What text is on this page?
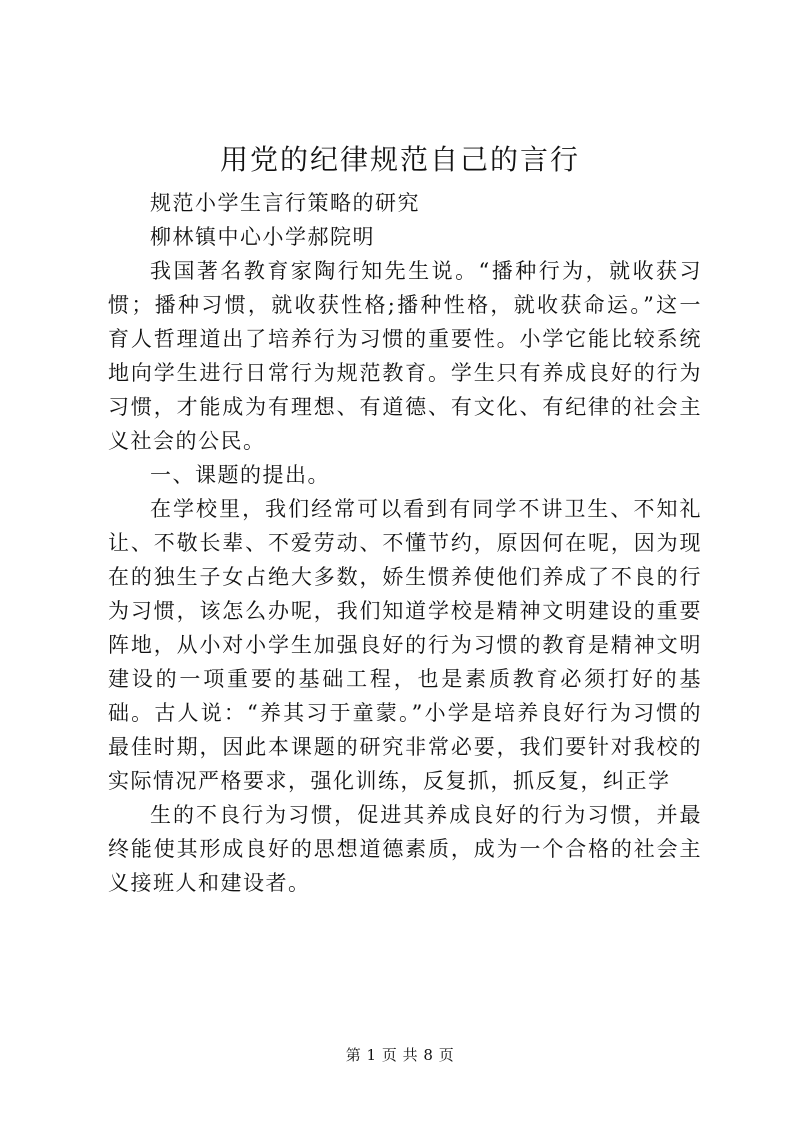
用党的纪律规范自己的言行

规范小学生言行策略的研究

柳林镇中心小学郝院明

我国著名教育家陶行知先生说。“播种行为，就收获习惯；播种习惯，就收获性格;播种性格，就收获命运。”这一育人哲理道出了培养行为习惯的重要性。小学它能比较系统地向学生进行日常行为规范教育。学生只有养成良好的行为习惯，才能成为有理想、有道德、有文化、有纪律的社会主义社会的公民。

一、课题的提出。

在学校里，我们经常可以看到有同学不讲卫生、不知礼让、不敬长辈、不爱劳动、不懂节约，原因何在呢，因为现在的独生子女占绝大多数，娇生惯养使他们养成了不良的行为习惯，该怎么办呢，我们知道学校是精神文明建设的重要阵地，从小对小学生加强良好的行为习惯的教育是精神文明建设的一项重要的基础工程，也是素质教育必须打好的基础。古人说：“养其习于童蒙。”小学是培养良好行为习惯的最佳时期，因此本课题的研究非常必要，我们要针对我校的实际情况严格要求，强化训练，反复抓，抓反复，纠正学

生的不良行为习惯，促进其养成良好的行为习惯，并最终能使其形成良好的思想道德素质，成为一个合格的社会主义接班人和建设者。

第 1 页 共 8 页
